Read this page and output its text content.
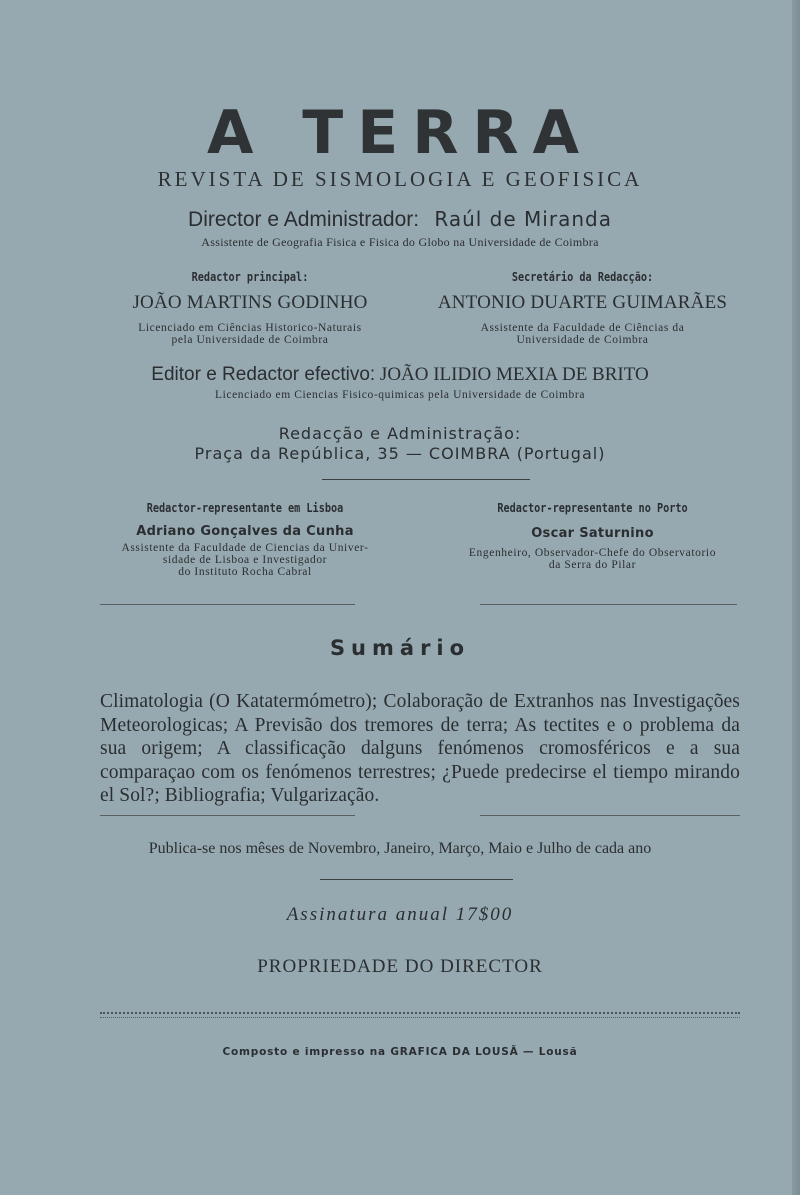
A TERRA
REVISTA DE SISMOLOGIA E GEOFISICA
Director e Administrador: Raúl de Miranda
Assistente de Geografia Fisica e Fisica do Globo na Universidade de Coimbra
Redactor principal:
JOÃO MARTINS GODINHO
Licenciado em Ciências Historico-Naturais
pela Universidade de Coimbra
Secretário da Redacção:
ANTONIO DUARTE GUIMARÃES
Assistente da Faculdade de Ciências da
Universidade de Coimbra
Editor e Redactor efectivo: JOÃO ILIDIO MEXIA DE BRITO
Licenciado em Ciencias Fisico-quimicas pela Universidade de Coimbra
Redacção e Administração:
Praça da República, 35 — COIMBRA (Portugal)
Redactor-representante em Lisboa
Adriano Gonçalves da Cunha
Assistente da Faculdade de Ciencias da Univer-
sidade de Lisboa e Investigador
do Instituto Rocha Cabral
Redactor-representante no Porto
Oscar Saturnino
Engenheiro, Observador-Chefe do Observatorio
da Serra do Pilar
Sumário
Climatologia (O Katatermómetro); Colaboração de Extranhos nas Investigações Meteorologicas; A Previsão dos tremores de terra; As tectites e o problema da sua origem; A classificação dalguns fenómenos cromosféricos e a sua comparaçao com os fenómenos terrestres; ¿Puede predecirse el tiempo mirando el Sol?; Bibliografia; Vulgarização.
Publica-se nos mêses de Novembro, Janeiro, Março, Maio e Julho de cada ano
Assinatura anual 17$00
PROPRIEDADE DO DIRECTOR
Composto e impresso na GRAFICA DA LOUSÃ — Lousã
